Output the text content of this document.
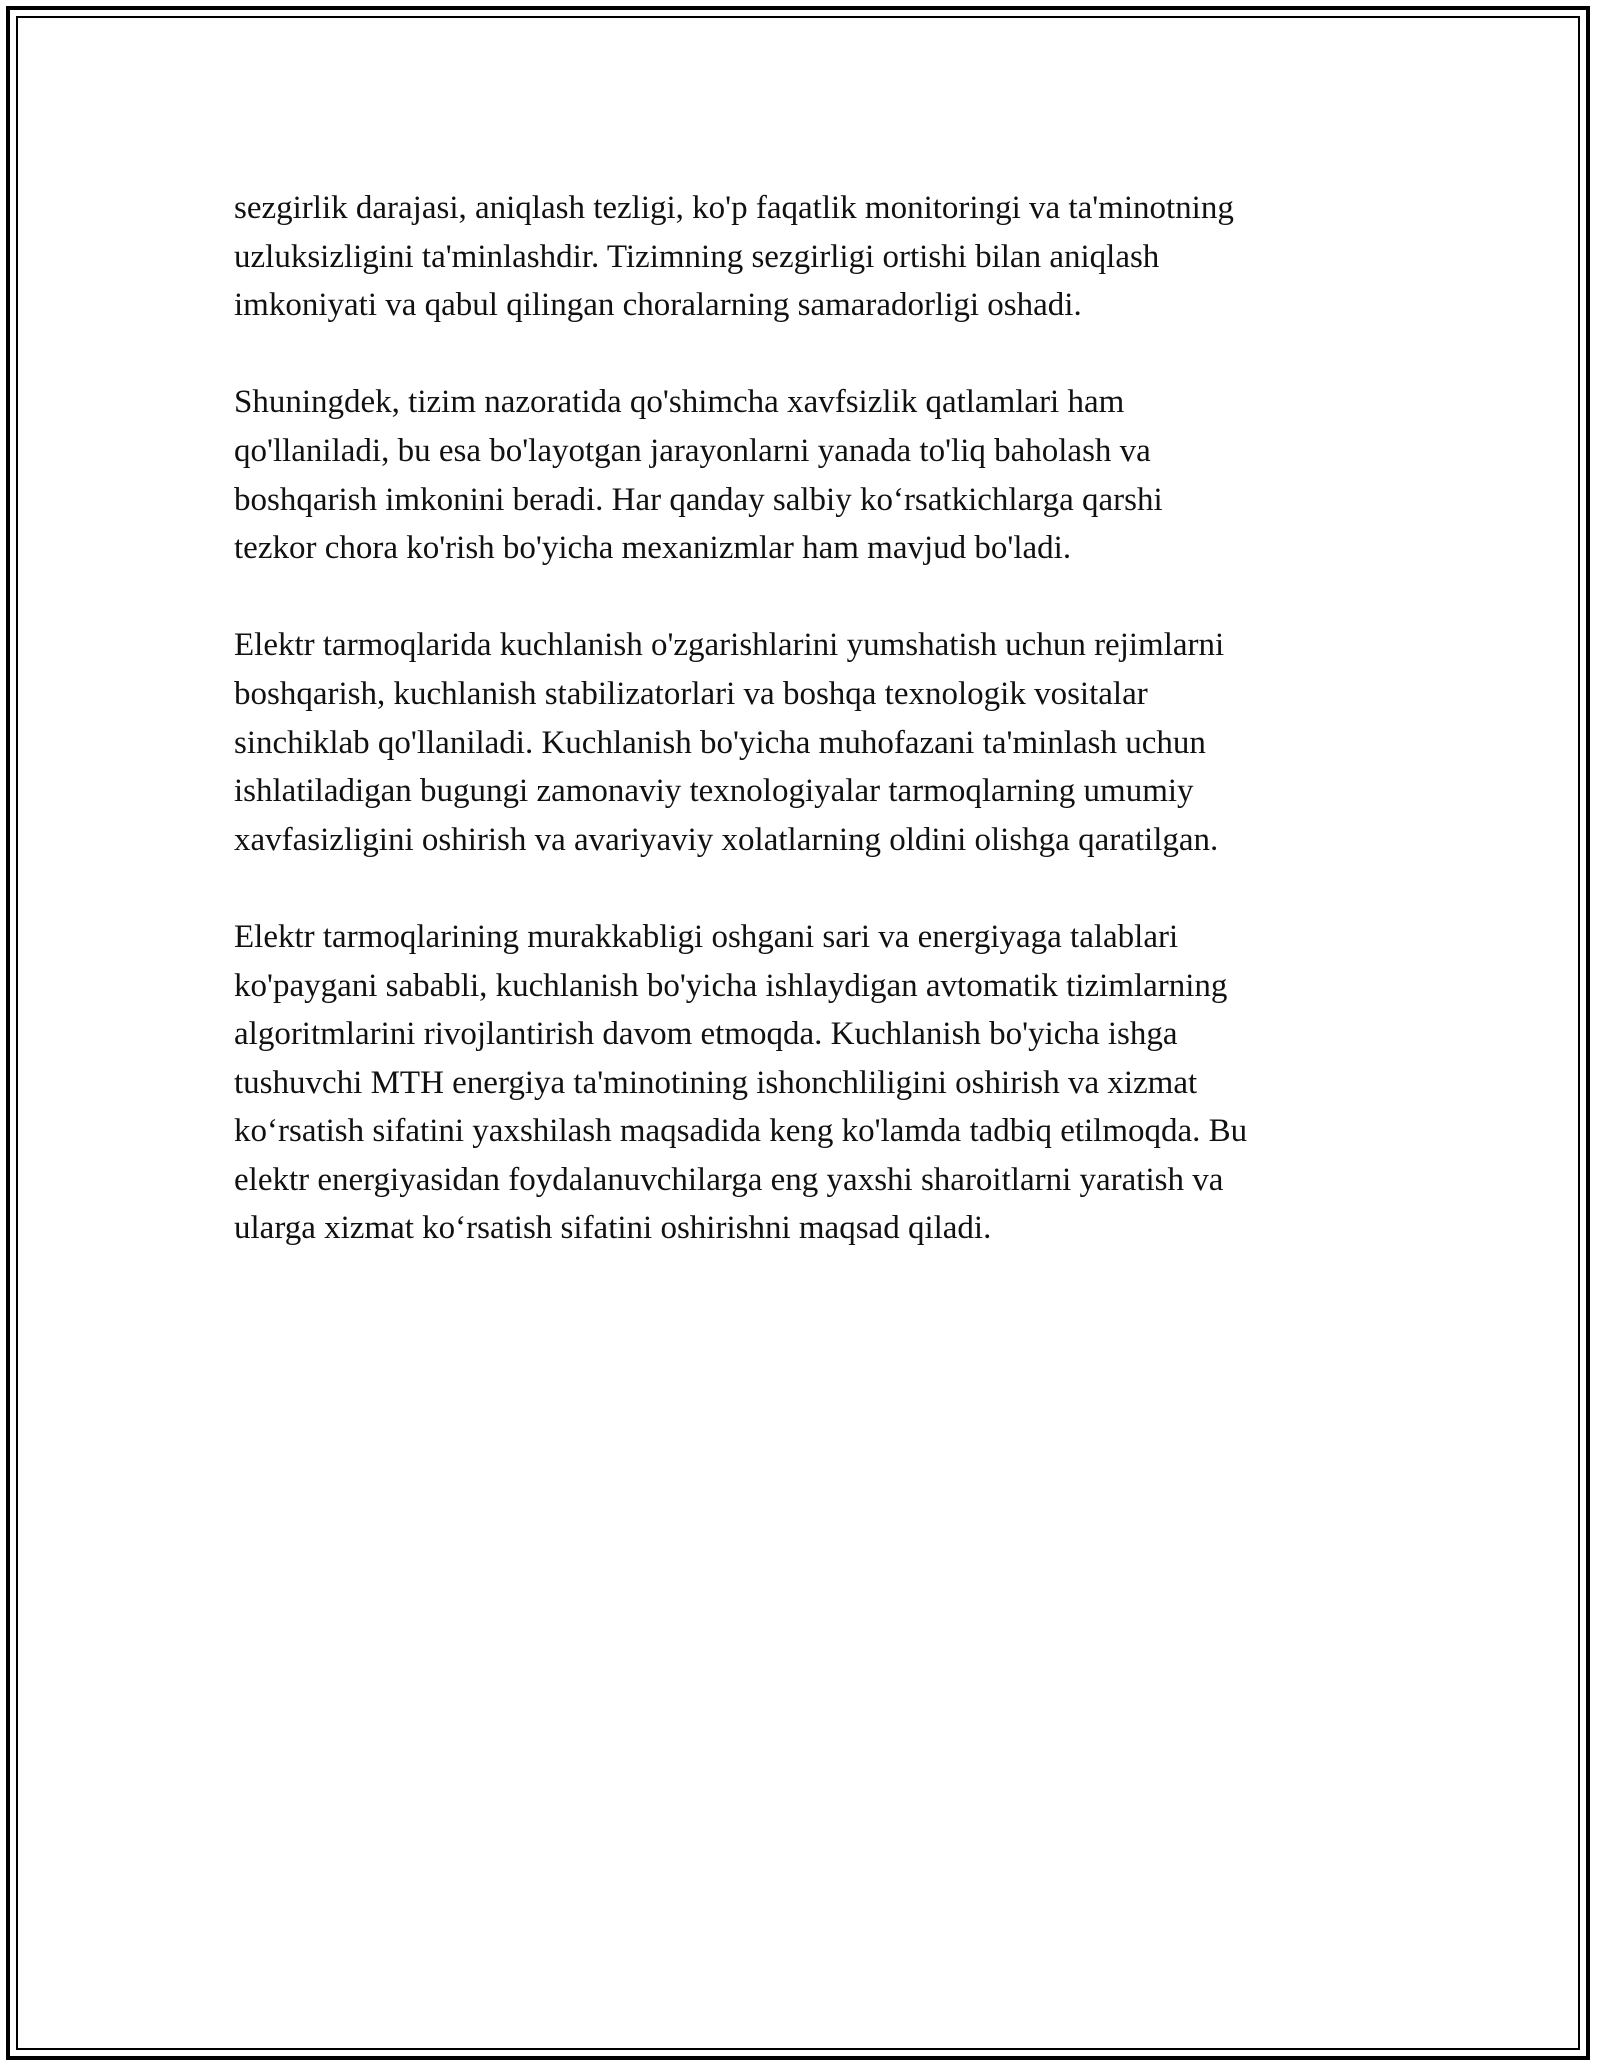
sezgirlik darajasi, aniqlash tezligi, ko'p faqatlik monitoringi va ta'minotning
uzluksizligini ta'minlashdir. Tizimning sezgirligi ortishi bilan aniqlash
imkoniyati va qabul qilingan choralarning samaradorligi oshadi.
Shuningdek, tizim nazoratida qo'shimcha xavfsizlik qatlamlari ham
qo'llaniladi, bu esa bo'layotgan jarayonlarni yanada to'liq baholash va
boshqarish imkonini beradi. Har qanday salbiy koʻrsatkichlarga qarshi
tezkor chora ko'rish bo'yicha mexanizmlar ham mavjud bo'ladi.
Elektr tarmoqlarida kuchlanish o'zgarishlarini yumshatish uchun rejimlarni
boshqarish, kuchlanish stabilizatorlari va boshqa texnologik vositalar
sinchiklab qo'llaniladi. Kuchlanish bo'yicha muhofazani ta'minlash uchun
ishlatiladigan bugungi zamonaviy texnologiyalar tarmoqlarning umumiy
xavfasizligini oshirish va avariyaviy xolatlarning oldini olishga qaratilgan.
Elektr tarmoqlarining murakkabligi oshgani sari va energiyaga talablari
ko'paygani sababli, kuchlanish bo'yicha ishlaydigan avtomatik tizimlarning
algoritmlarini rivojlantirish davom etmoqda. Kuchlanish bo'yicha ishga
tushuvchi MTH energiya ta'minotining ishonchliligini oshirish va xizmat
koʻrsatish sifatini yaxshilash maqsadida keng ko'lamda tadbiq etilmoqda. Bu
elektr energiyasidan foydalanuvchilarga eng yaxshi sharoitlarni yaratish va
ularga xizmat koʻrsatish sifatini oshirishni maqsad qiladi.
